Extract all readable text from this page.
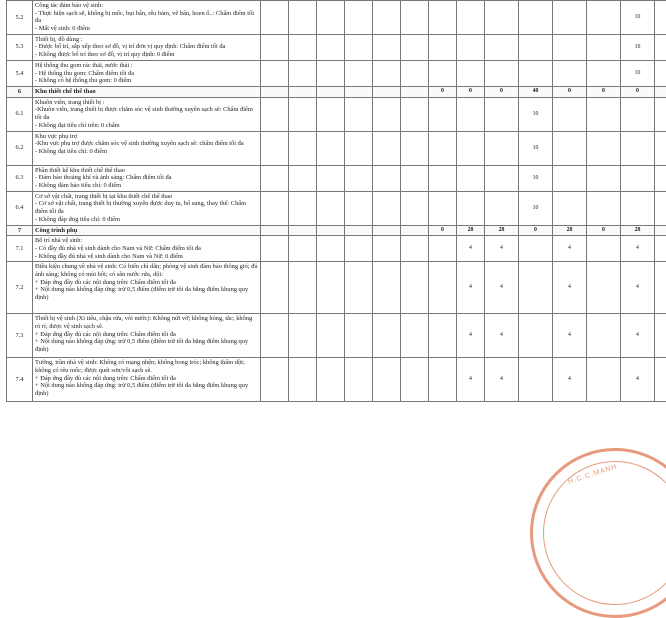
5.2	Công tác đảm bảo vệ sinh:
- Thực hiện sạch sẽ, không bị mốc, bụi bẩn, rêu bám, vẽ bẩn, hoen ố..: Chấm điểm tối đa
- Mất vệ sinh: 0 điểm													10	
5.3	Thiết bị, đồ dùng :
- Được bố trí, sắp xếp theo sơ đồ, vị trí đơn vị quy định: Chấm điểm tối đa
- Không được bố trí theo sơ đồ, vị trí quy định: 0 điểm													10	
5.4	Hệ thống thu gom rác thải, nước thải :
- Hệ thống thu gom: Chấm điểm tối đa
- Không có hệ thống thu gom: 0 điểm													10	
6	Khu thiết chế thể thao							0	0	0	40	0	0	0	
6.1	Khuôn viên, trang thiết bị :
-Khuôn viên, trang thiết bị được chăm sóc vệ sinh thường xuyên sạch sẽ: Chấm điểm tối đa
- Không đạt tiêu chí trên: 0 chấm										10				
6.2	Khu vực phụ trợ
-Khu vực phụ trợ được chăm sóc vệ sinh thường xuyên sạch sẽ: chấm điểm tối đa
- Không đạt tiêu chí: 0 điểm										10				
6.3	Phần thiết kế khu thiết chế thể thao
- Đảm bảo thoáng khí và ánh sáng: Chấm điểm tối đa
- Không đảm bảo tiêu chí: 0 điểm										10				
6.4	Cơ sở vật chất, trang thiết bị tại khu thiết chế thể thao
- Cơ sở vật chất, trang thiết bị thường xuyên được duy tu, bổ sung, thay thế: Chấm điểm tối đa
- Không đáp ứng tiêu chí: 0 điểm										10				
7	Công trình phụ							0	28	28	0	28	0	28	
7.1	Bố trí nhà vệ sinh:
- Có đầy đủ nhà vệ sinh dành cho Nam và Nữ: Chấm điểm tối đa
- Không đầy đủ nhà vệ sinh dành cho Nam và Nữ: 0 điểm								4	4		4		4	
7.2	Điều kiện chung về nhà vệ sinh: Có biển chỉ dẫn; phòng vệ sinh đảm bảo thông gió; đủ ánh sáng; không có mùi hôi; có sẵn nước rửa, dội:
+ Đáp ứng đầy đủ các nội dung trên: Chấm điểm tối đa
+ Nội dung nào không đáp ứng: trừ 0,5 điểm (điểm trừ tối đa bằng điểm khung quy định)								4	4		4		4	
7.3	Thiết bị vệ sinh (Xí tiểu, chậu rửa, vòi nước): Không nứt vỡ; không hỏng, tắc; không rò rỉ; được vệ sinh sạch sẽ.
+ Đáp ứng đầy đủ các nội dung trên: Chấm điểm tối đa
+ Nội dung nào không đáp ứng: trừ 0,5 điểm (điểm trừ tối đa bằng điểm khung quy định)								4	4		4		4	
7.4	Tường, trần nhà vệ sinh: Không có mạng nhện; không bong tróc; không thấm dột; không có rêu mốc; được quét sơn/vôi sạch sẽ.
+ Đáp ứng đầy đủ các nội dung trên: Chấm điểm tối đa
+ Nội dung nào không đáp ứng: trừ 0,5 điểm (điểm trừ tối đa bằng điểm khung quy định)								4	4		4		4	
H.C.C.MẠNH
